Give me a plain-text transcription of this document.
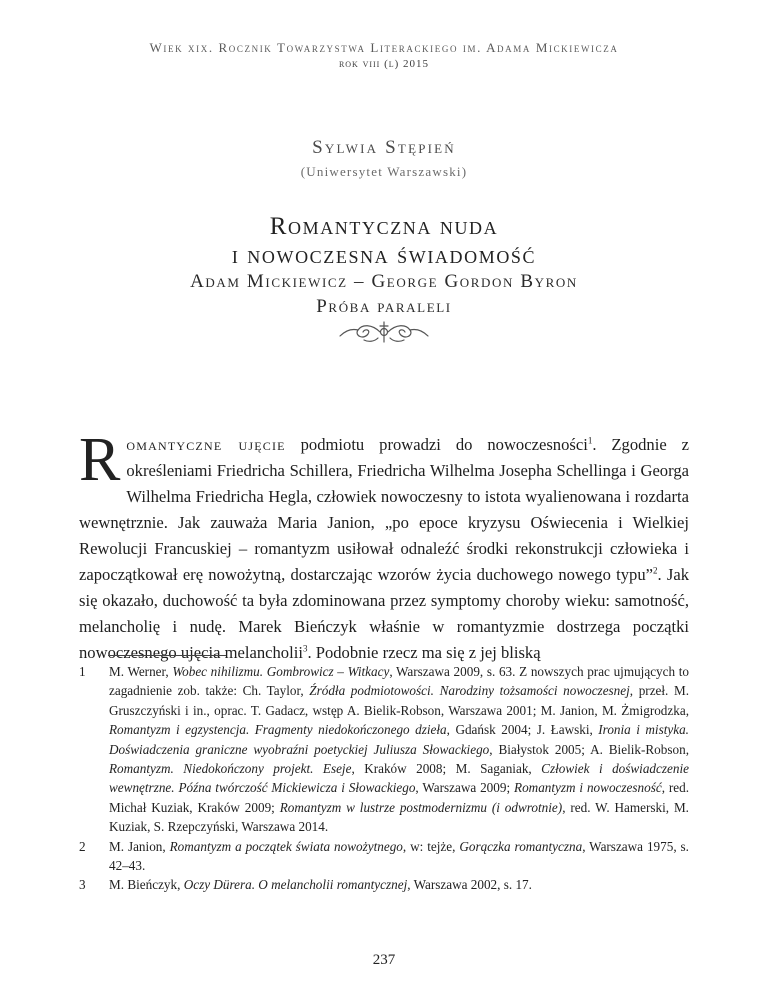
Wiek xix. Rocznik Towarzystwa Literackiego im. Adama Mickiewicza
rok viii (l) 2015
Sylwia Stępień
(Uniwersytet Warszawski)
Romantyczna nuda
i nowoczesna świadomość
Adam Mickiewicz – George Gordon Byron
Próba paraleli
Romantyczne ujęcie podmiotu prowadzi do nowoczesności$^1$. Zgodnie z określeniami Friedricha Schillera, Friedricha Wilhelma Josepha Schellinga i Georga Wilhelma Friedricha Hegla, człowiek nowoczesny to istota wyalienowana i rozdarta wewnętrznie. Jak zauważa Maria Janion, „po epoce kryzysu Oświecenia i Wielkiej Rewolucji Francuskiej – romantyzm usiłował odnaleźć środki rekonstrukcji człowieka i zapoczątkował erę nowożytną, dostarczając wzorów życia duchowego nowego typu”$^2$. Jak się okazało, duchowość ta była zdominowana przez symptomy choroby wieku: samotność, melancholię i nudę. Marek Bieńczyk właśnie w romantyzmie dostrzega początki nowoczesnego ujęcia melancholii$^3$. Podobnie rzecz ma się z jej bliską
1 M. Werner, Wobec nihilizmu. Gombrowicz – Witkacy, Warszawa 2009, s. 63. Z nowszych prac ujmujących to zagadnienie zob. także: Ch. Taylor, Źródła podmiotowości. Narodziny tożsamości nowoczesnej, przeł. M. Gruszczyński i in., oprac. T. Gadacz, wstęp A. Bielik-Robson, Warszawa 2001; M. Janion, M. Żmigrodzka, Romantyzm i egzystencja. Fragmenty niedokończonego dzieła, Gdańsk 2004; J. Ławski, Ironia i mistyka. Doświadczenia graniczne wyobraźni poetyckiej Juliusza Słowackiego, Białystok 2005; A. Bielik-Robson, Romantyzm. Niedokończony projekt. Eseje, Kraków 2008; M. Saganiak, Człowiek i doświadczenie wewnętrzne. Późna twórczość Mickiewicza i Słowackiego, Warszawa 2009; Romantyzm i nowoczesność, red. Michał Kuziak, Kraków 2009; Romantyzm w lustrze postmodernizmu (i odwrotnie), red. W. Hamerski, M. Kuziak, S. Rzepczyński, Warszawa 2014.
2 M. Janion, Romantyzm a początek świata nowożytnego, w: tejże, Gorączka romantyczna, Warszawa 1975, s. 42–43.
3 M. Bieńczyk, Oczy Dürera. O melancholii romantycznej, Warszawa 2002, s. 17.
237
